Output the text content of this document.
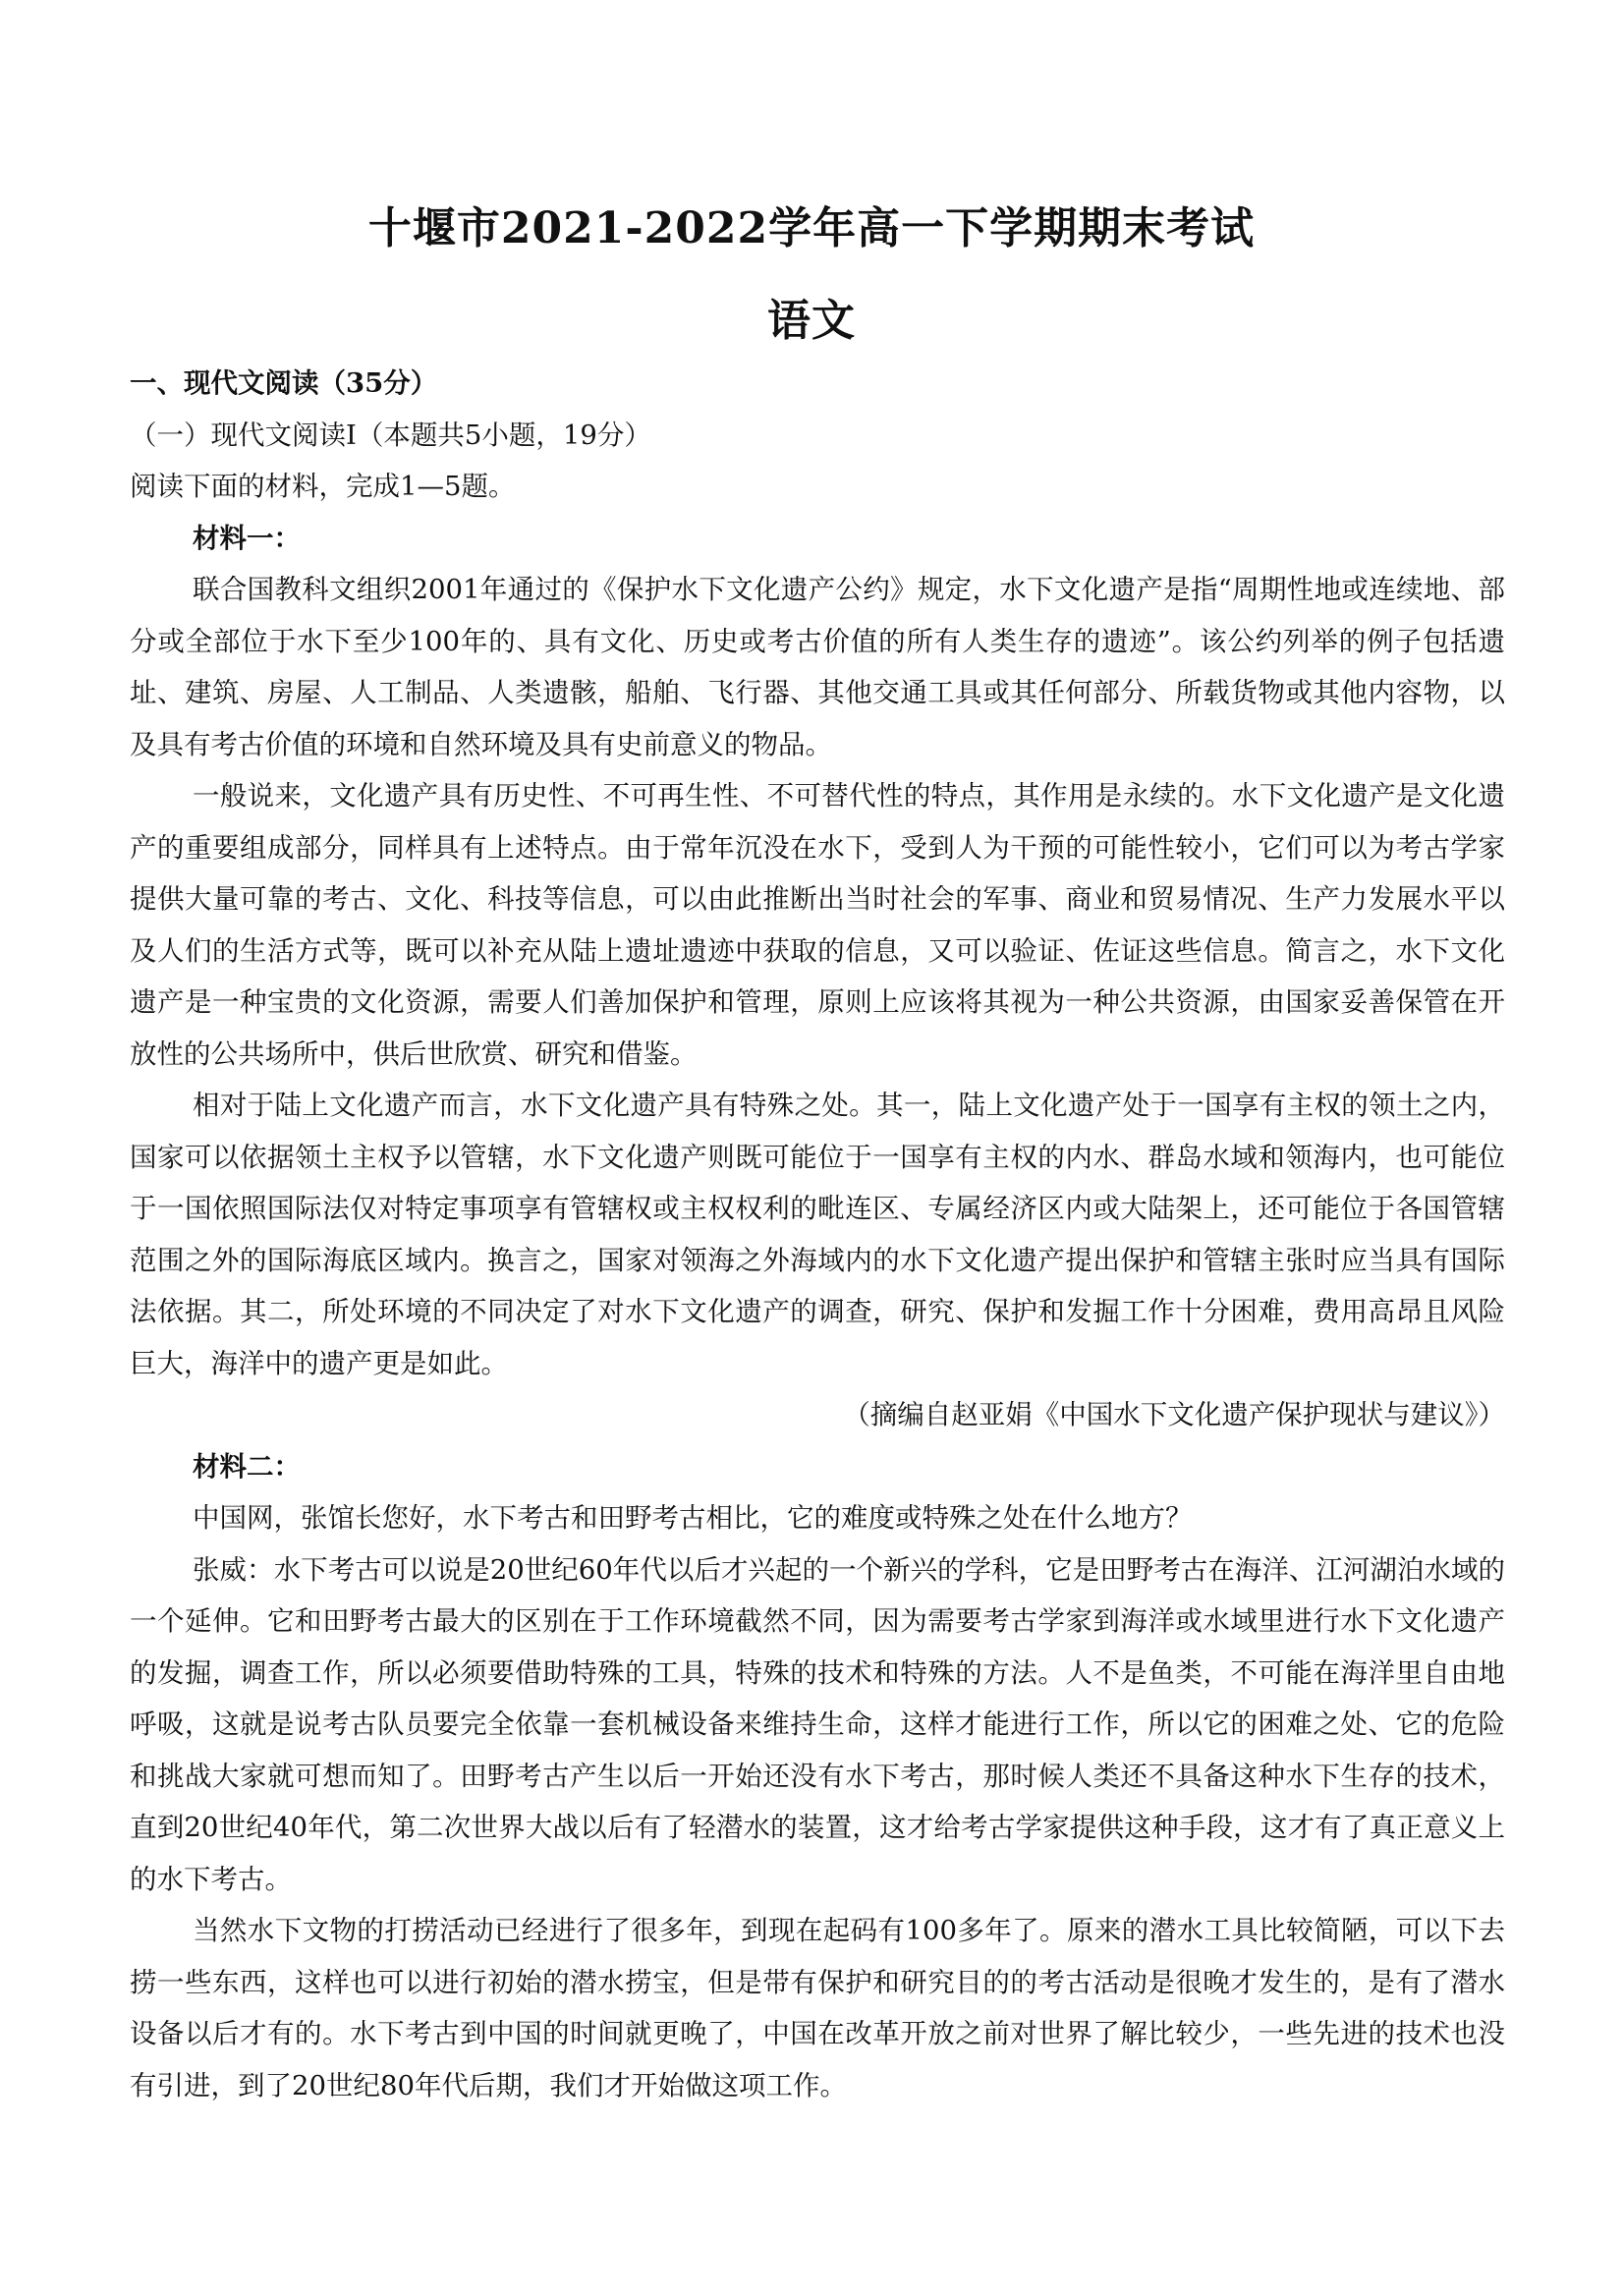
十堰市2021-2022学年高一下学期期末考试
语文

一、现代文阅读（35分）

（一）现代文阅读Ⅰ（本题共5小题，19分）

阅读下面的材料，完成1—5题。

材料一：

联合国教科文组织2001年通过的《保护水下文化遗产公约》规定，水下文化遗产是指“周期性地或连续地、部分或全部位于水下至少100年的、具有文化、历史或考古价值的所有人类生存的遗迹”。该公约列举的例子包括遗址、建筑、房屋、人工制品、人类遗骸，船舶、飞行器、其他交通工具或其任何部分、所载货物或其他内容物，以及具有考古价值的环境和自然环境及具有史前意义的物品。

一般说来，文化遗产具有历史性、不可再生性、不可替代性的特点，其作用是永续的。水下文化遗产是文化遗产的重要组成部分，同样具有上述特点。由于常年沉没在水下，受到人为干预的可能性较小，它们可以为考古学家提供大量可靠的考古、文化、科技等信息，可以由此推断出当时社会的军事、商业和贸易情况、生产力发展水平以及人们的生活方式等，既可以补充从陆上遗址遗迹中获取的信息，又可以验证、佐证这些信息。简言之，水下文化遗产是一种宝贵的文化资源，需要人们善加保护和管理，原则上应该将其视为一种公共资源，由国家妥善保管在开放性的公共场所中，供后世欣赏、研究和借鉴。

相对于陆上文化遗产而言，水下文化遗产具有特殊之处。其一，陆上文化遗产处于一国享有主权的领土之内，国家可以依据领土主权予以管辖，水下文化遗产则既可能位于一国享有主权的内水、群岛水域和领海内，也可能位于一国依照国际法仅对特定事项享有管辖权或主权权利的毗连区、专属经济区内或大陆架上，还可能位于各国管辖范围之外的国际海底区域内。换言之，国家对领海之外海域内的水下文化遗产提出保护和管辖主张时应当具有国际法依据。其二，所处环境的不同决定了对水下文化遗产的调查，研究、保护和发掘工作十分困难，费用高昂且风险巨大，海洋中的遗产更是如此。

（摘编自赵亚娟《中国水下文化遗产保护现状与建议》）

材料二：

中国网，张馆长您好，水下考古和田野考古相比，它的难度或特殊之处在什么地方？

张威：水下考古可以说是20世纪60年代以后才兴起的一个新兴的学科，它是田野考古在海洋、江河湖泊水域的一个延伸。它和田野考古最大的区别在于工作环境截然不同，因为需要考古学家到海洋或水域里进行水下文化遗产的发掘，调查工作，所以必须要借助特殊的工具，特殊的技术和特殊的方法。人不是鱼类，不可能在海洋里自由地呼吸，这就是说考古队员要完全依靠一套机械设备来维持生命，这样才能进行工作，所以它的困难之处、它的危险和挑战大家就可想而知了。田野考古产生以后一开始还没有水下考古，那时候人类还不具备这种水下生存的技术，直到20世纪40年代，第二次世界大战以后有了轻潜水的装置，这才给考古学家提供这种手段，这才有了真正意义上的水下考古。

当然水下文物的打捞活动已经进行了很多年，到现在起码有100多年了。原来的潜水工具比较简陋，可以下去捞一些东西，这样也可以进行初始的潜水捞宝，但是带有保护和研究目的的考古活动是很晚才发生的，是有了潜水设备以后才有的。水下考古到中国的时间就更晚了，中国在改革开放之前对世界了解比较少，一些先进的技术也没有引进，到了20世纪80年代后期，我们才开始做这项工作。
